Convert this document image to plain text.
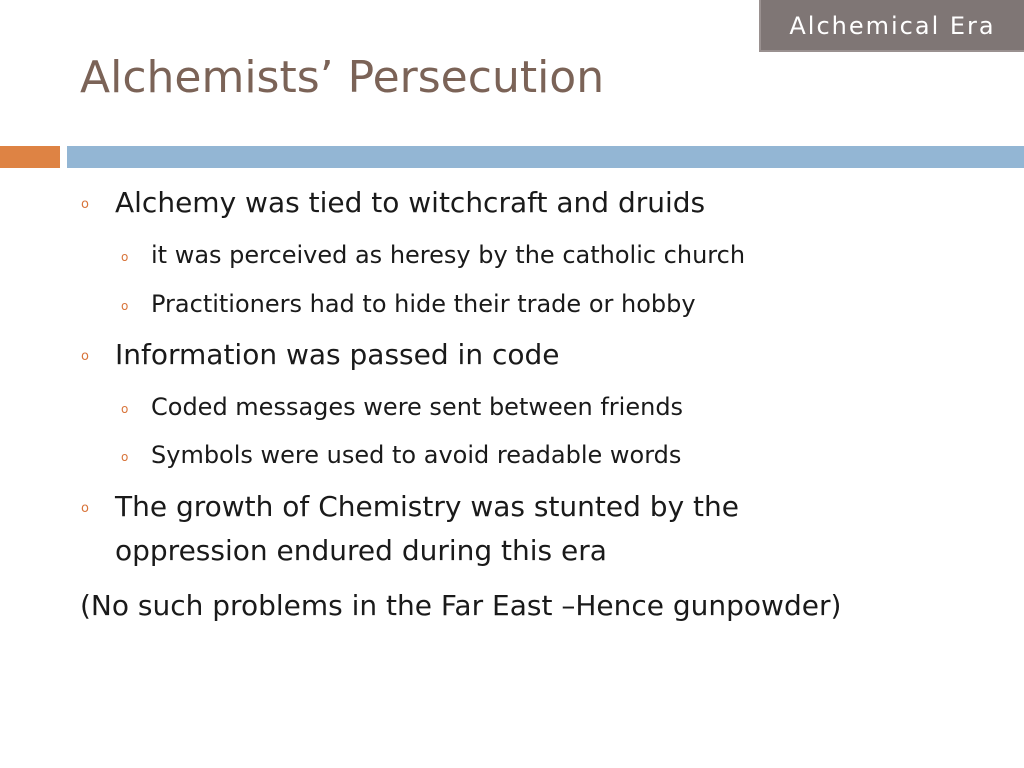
Alchemical Era
Alchemists’ Persecution
o Alchemy was tied to witchcraft and druids
o it was perceived as heresy by the catholic church
o Practitioners had to hide their trade or hobby
o Information was passed in code
o Coded messages were sent between friends
o Symbols were used to avoid readable words
o The growth of Chemistry was stunted by the
oppression endured during this era
(No such problems in the Far East –Hence gunpowder)
